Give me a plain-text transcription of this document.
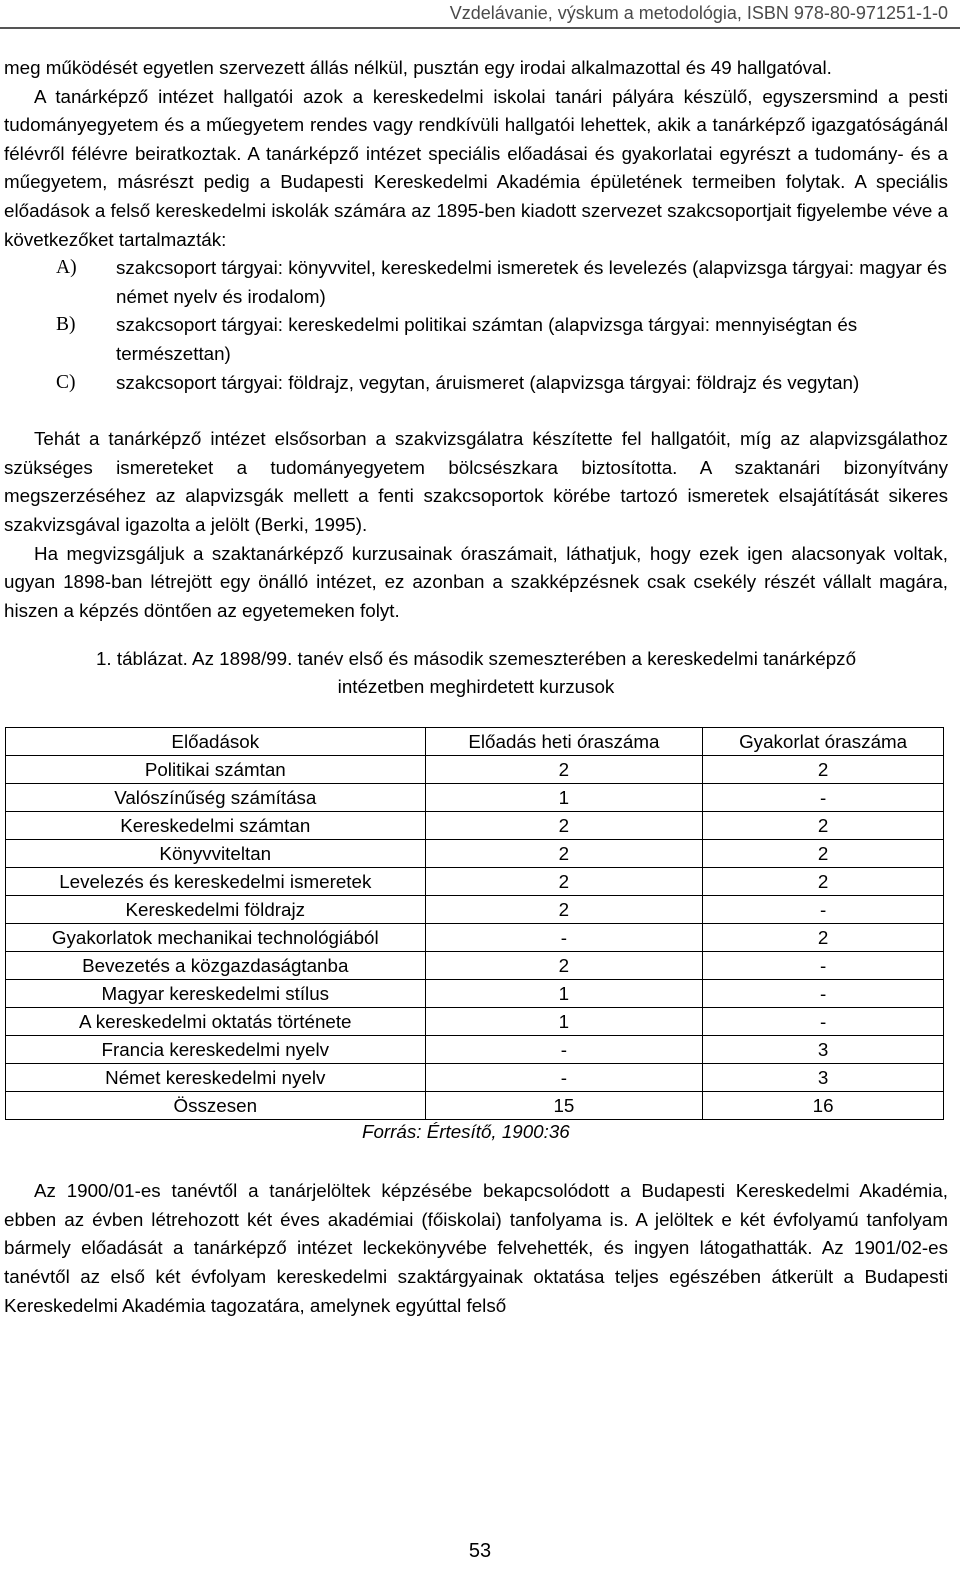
Vzdelávanie, výskum a metodológia, ISBN 978-80-971251-1-0

meg működését egyetlen szervezett állás nélkül, pusztán egy irodai alkalmazottal és 49 hallgatóval.

A tanárképző intézet hallgatói azok a kereskedelmi iskolai tanári pályára készülő, egyszersmind a pesti tudományegyetem és a műegyetem rendes vagy rendkívüli hallgatói lehettek, akik a tanárképző igazgatóságánál félévről félévre beiratkoztak. A tanárképző intézet speciális előadásai és gyakorlatai egyrészt a tudomány- és a műegyetem, másrészt pedig a Budapesti Kereskedelmi Akadémia épületének termeiben folytak. A speciális előadások a felső kereskedelmi iskolák számára az 1895-ben kiadott szervezet szakcsoportjait figyelembe véve a következőket tartalmazták:

A)	szakcsoport tárgyai: könyvvitel, kereskedelmi ismeretek és levelezés (alapvizsga tárgyai: magyar és német nyelv és irodalom)
B)	szakcsoport tárgyai: kereskedelmi politikai számtan (alapvizsga tárgyai: mennyiségtan és természettan)
C)	szakcsoport tárgyai: földrajz, vegytan, áruismeret (alapvizsga tárgyai: földrajz és vegytan)

Tehát a tanárképző intézet elsősorban a szakvizsgálatra készítette fel hallgatóit, míg az alapvizsgálathoz szükséges ismereteket a tudományegyetem bölcsészkara biztosította. A szaktanári bizonyítvány megszerzéséhez az alapvizsgák mellett a fenti szakcsoportok körébe tartozó ismeretek elsajátítását sikeres szakvizsgával igazolta a jelölt (Berki, 1995).

Ha megvizsgáljuk a szaktanárképző kurzusainak óraszámait, láthatjuk, hogy ezek igen alacsonyak voltak, ugyan 1898-ban létrejött egy önálló intézet, ez azonban a szakképzésnek csak csekély részét vállalt magára, hiszen a képzés döntően az egyetemeken folyt.

1. táblázat. Az 1898/99. tanév első és második szemeszterében a kereskedelmi tanárképző
intézetben meghirdetett kurzusok
Előadások	Előadás heti óraszáma	Gyakorlat óraszáma
Politikai számtan	2	2
Valószínűség számítása	1	-
Kereskedelmi számtan	2	2
Könyvviteltan	2	2
Levelezés és kereskedelmi ismeretek	2	2
Kereskedelmi földrajz	2	-
Gyakorlatok mechanikai technológiából	-	2
Bevezetés a közgazdaságtanba	2	-
Magyar kereskedelmi stílus	1	-
A kereskedelmi oktatás története	1	-
Francia kereskedelmi nyelv	-	3
Német kereskedelmi nyelv	-	3
Összesen	15	16
Forrás: Értesítő, 1900:36

Az 1900/01-es tanévtől a tanárjelöltek képzésébe bekapcsolódott a Budapesti Kereskedelmi Akadémia, ebben az évben létrehozott két éves akadémiai (főiskolai) tanfolyama is. A jelöltek e két évfolyamú tanfolyam bármely előadását a tanárképző intézet leckekönyvébe felvehették, és ingyen látogathatták. Az 1901/02-es tanévtől az első két évfolyam kereskedelmi szaktárgyainak oktatása teljes egészében átkerült a Budapesti Kereskedelmi Akadémia tagozatára, amelynek egyúttal felső

53
